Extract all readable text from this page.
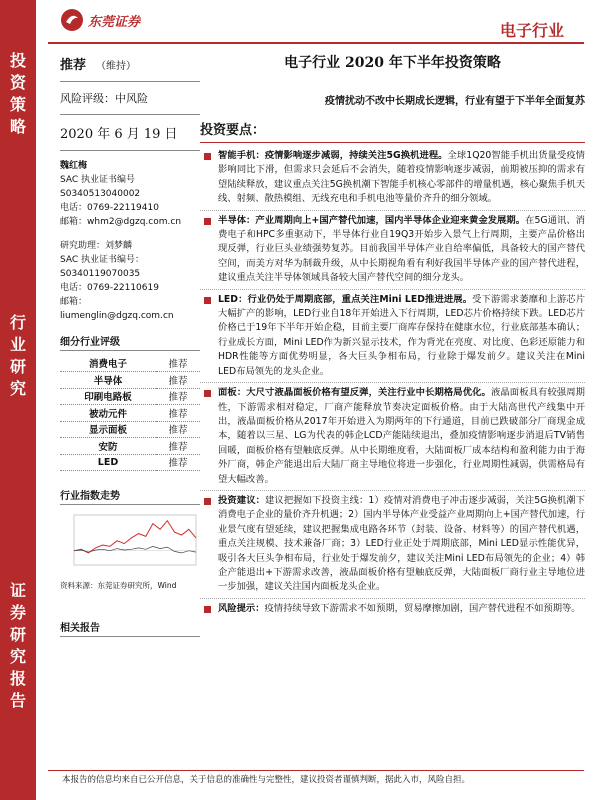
投
资
策
略
行
业
研
究
证
券
研
究
报
告
东莞证券	电子行业
推荐 （维持）
风险评级：中风险
2020 年 6 月 19 日
魏红梅
SAC 执业证书编号
S0340513040002
电话：0769-22119410
邮箱：whm2@dgzq.com.cn
研究助理：刘梦麟
SAC 执业证书编号：
S0340119070035
电话：0769-22110619
邮箱：
liumenglin@dgzq.com.cn
细分行业评级
消费电子	推荐
半导体	推荐
印刷电路板	推荐
被动元件	推荐
显示面板	推荐
安防	推荐
LED	推荐
行业指数走势
资料来源：东莞证券研究所，Wind
相关报告
电子行业 2020 年下半年投资策略
疫情扰动不改中长期成长逻辑，行业有望于下半年全面复苏
投资要点：
智能手机：疫情影响逐步减弱，持续关注5G换机进程。全球1Q20智能手机出货量受疫情影响同比下滑，但需求只会延后不会消失，随着疫情影响逐步减弱，前期被压抑的需求有望陆续释放，建议重点关注5G换机潮下智能手机核心零部件的增量机遇，核心聚焦手机天线、射频、散热模组、无线充电和手机电池等量价齐升的细分领域。
半导体：产业周期向上+国产替代加速，国内半导体企业迎来黄金发展期。在5G通讯、消费电子和HPC多重驱动下，半导体行业自19Q3开始步入景气上行周期，主要产品价格出现反弹，行业巨头业绩强势复苏。目前我国半导体产业自给率偏低，具备较大的国产替代空间，而美方对华为制裁升级，从中长期视角看有利好我国半导体产业的国产替代进程，建议重点关注半导体领域具备较大国产替代空间的细分龙头。
LED：行业仍处于周期底部，重点关注Mini LED推进进展。受下游需求萎靡和上游芯片大幅扩产的影响，LED行业自18年开始进入下行周期，LED芯片价格持续下跌。LED芯片价格已于19年下半年开始企稳，目前主要厂商库存保持在健康水位，行业底部基本确认；行业成长方面，Mini LED作为新兴显示技术，作为背光在亮度、对比度、色彩还原能力和HDR性能等方面优势明显，各大巨头争相布局，行业除于爆发前夕。建议关注在Mini LED布局领先的龙头企业。
面板：大尺寸液晶面板价格有望反弹，关注行业中长期格局优化。液晶面板具有较强周期性，下游需求相对稳定，厂商产能释放节奏决定面板价格。由于大陆高世代产线集中开出，液晶面板价格从2017年开始进入为期两年的下行通道，目前已跌破部分厂商现金成本，随着以三星、LG为代表的韩企LCD产能陆续退出，叠加疫情影响逐步消退后TV销售回暖，面板价格有望触底反弹。从中长期维度看，大陆面板厂成本结构和盈利能力由于海外厂商，韩企产能退出后大陆厂商主导地位将进一步强化，行业周期性减弱，供需格局有望大幅改善。
投资建议：建议把握如下投资主线：1）疫情对消费电子冲击逐步减弱，关注5G换机潮下消费电子企业的量价齐升机遇；2）国内半导体产业受益产业周期向上+国产替代加速，行业景气度有望延续，建议把握集成电路各环节（封装、设备、材料等）的国产替代机遇，重点关注规模、技术兼备厂商；3）LED行业正处于周期底部，Mini LED显示性能优异，吸引各大巨头争相布局，行业处于爆发前夕，建议关注Mini LED布局领先的企业；4）韩企产能退出+下游需求改善，液晶面板价格有望触底反弹，大陆面板厂商行业主导地位进一步加强，建议关注国内面板龙头企业。
风险提示：疫情持续导致下游需求不如预期，贸易摩擦加剧，国产替代进程不如预期等。
本报告的信息均来自已公开信息，关于信息的准确性与完整性，建议投资者谨慎判断，据此入市，风险自担。
